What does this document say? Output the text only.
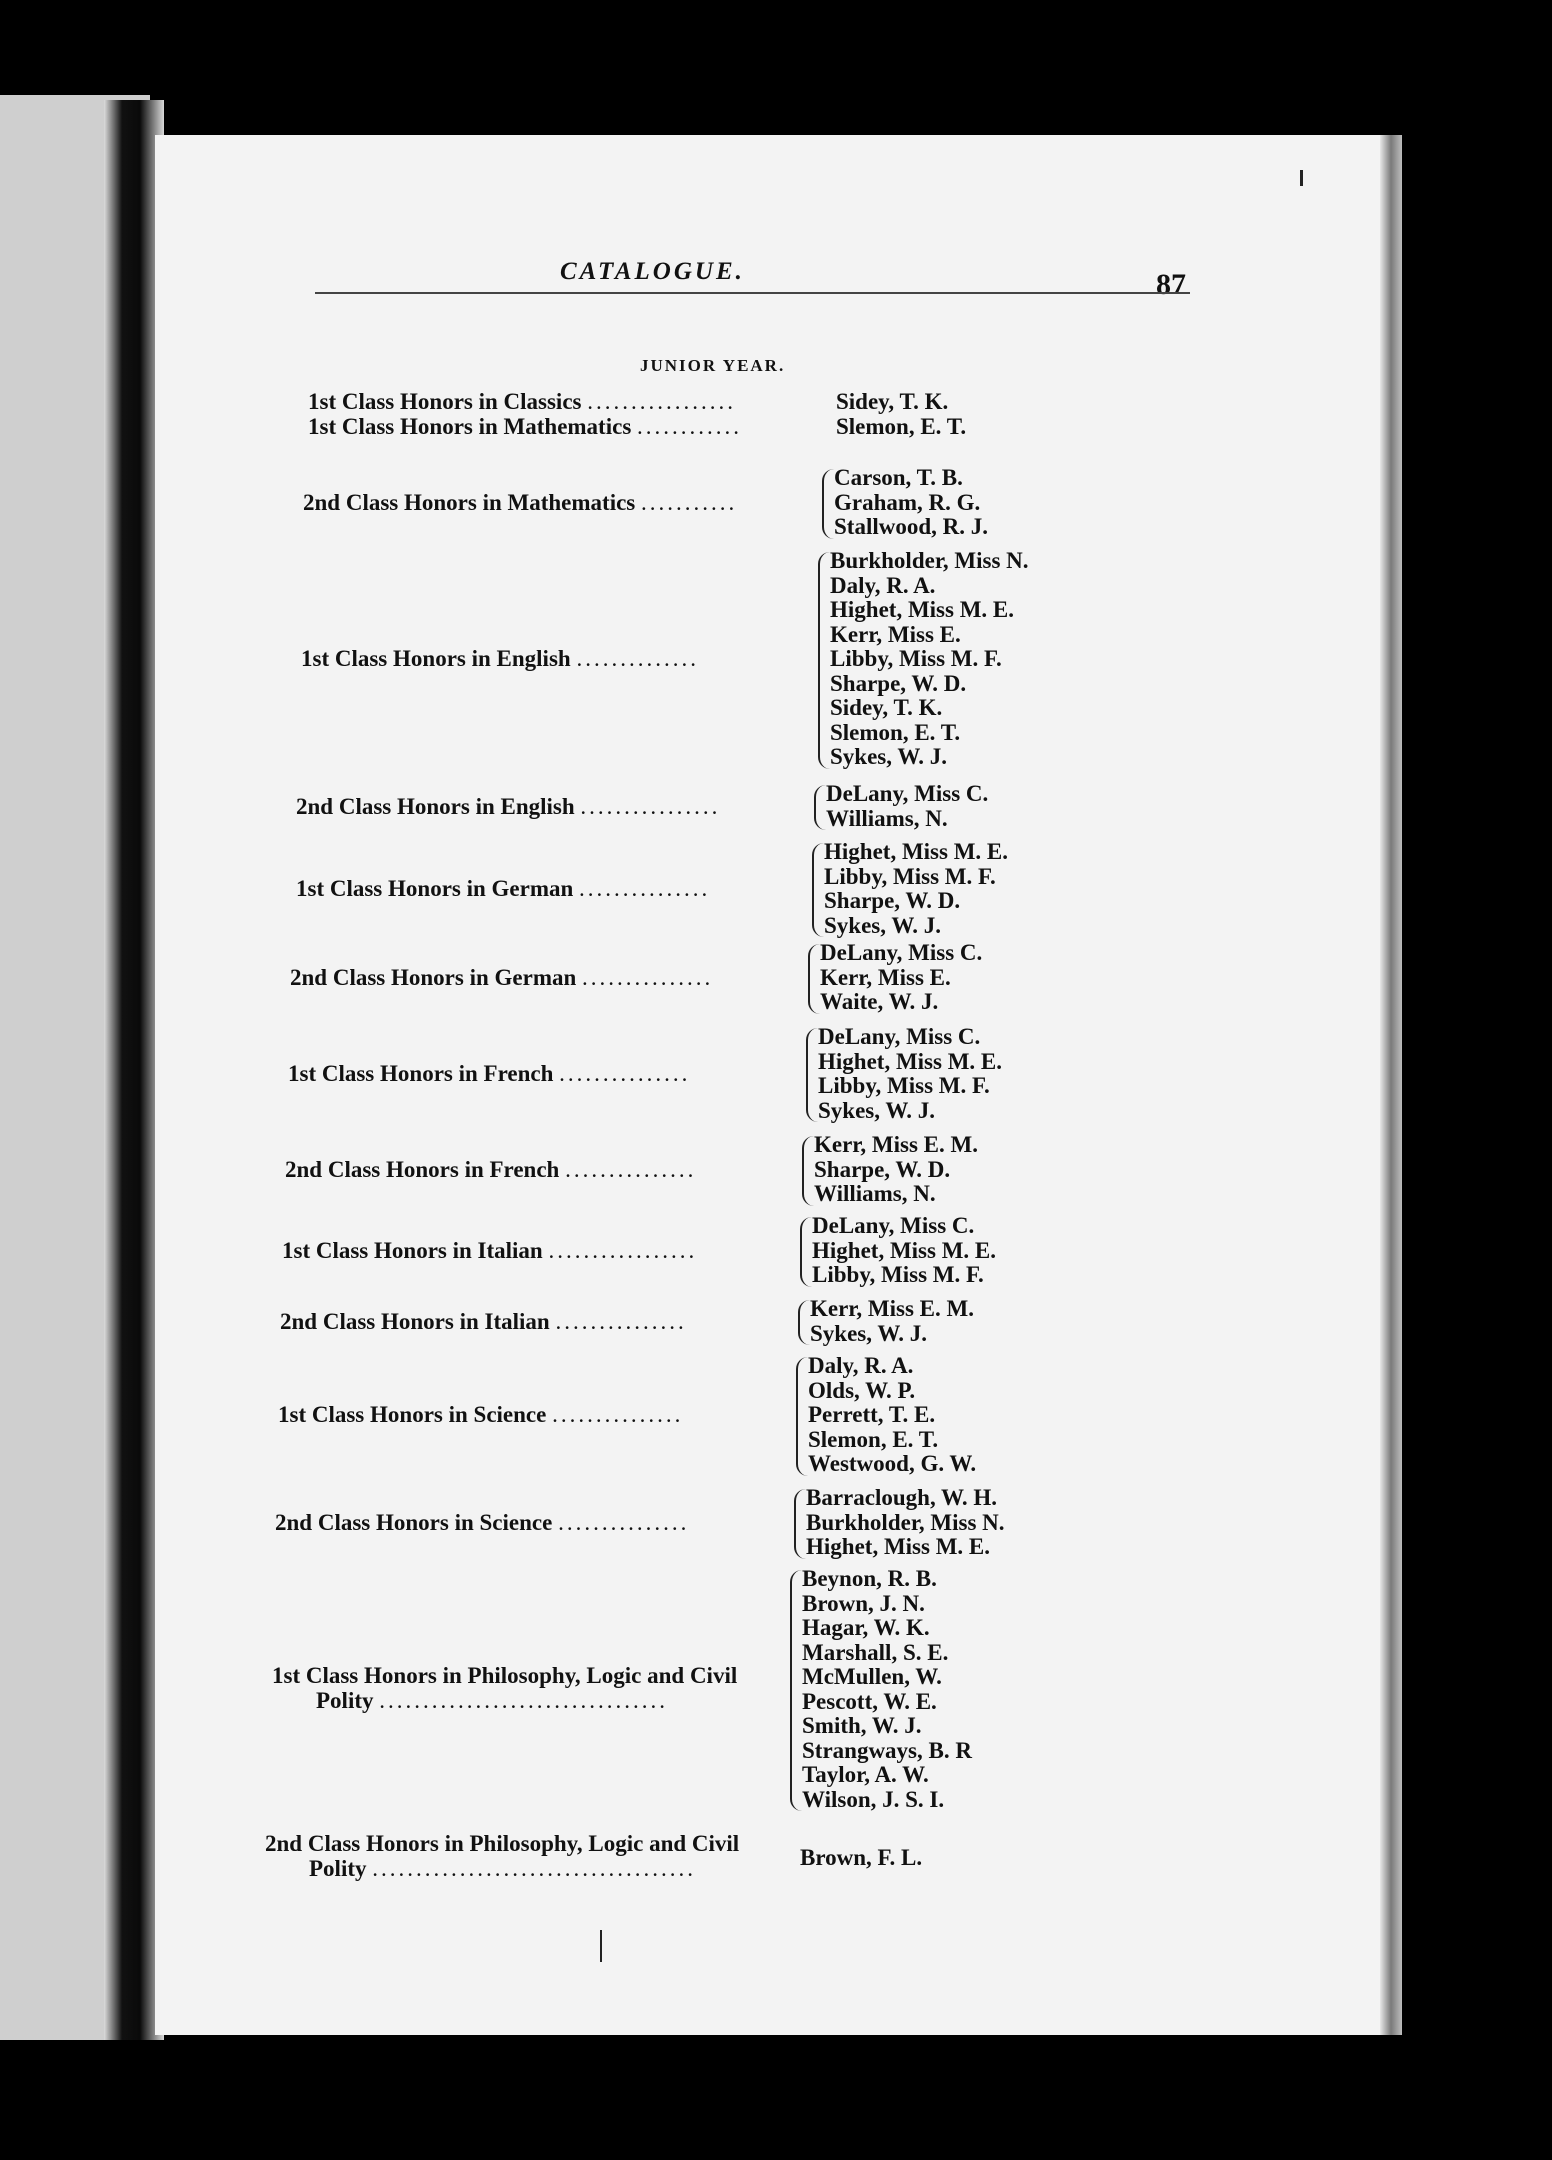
CATALOGUE.	87
JUNIOR YEAR.
Sidey, T. K.
1st Class Honors in Classics .................
Slemon, E. T.
1st Class Honors in Mathematics ............
Carson, T. B.
Graham, R. G.
Stallwood, R. J.
2nd Class Honors in Mathematics ...........
Burkholder, Miss N.
Daly, R. A.
Highet, Miss M. E.
Kerr, Miss E.
Libby, Miss M. F.
Sharpe, W. D.
Sidey, T. K.
Slemon, E. T.
Sykes, W. J.
1st Class Honors in English ..............
DeLany, Miss C.
Williams, N.
2nd Class Honors in English ................
Highet, Miss M. E.
Libby, Miss M. F.
Sharpe, W. D.
Sykes, W. J.
1st Class Honors in German ...............
DeLany, Miss C.
Kerr, Miss E.
Waite, W. J.
2nd Class Honors in German ...............
DeLany, Miss C.
Highet, Miss M. E.
Libby, Miss M. F.
Sykes, W. J.
1st Class Honors in French ...............
Kerr, Miss E. M.
Sharpe, W. D.
Williams, N.
2nd Class Honors in French ...............
DeLany, Miss C.
Highet, Miss M. E.
Libby, Miss M. F.
1st Class Honors in Italian .................
Kerr, Miss E. M.
Sykes, W. J.
2nd Class Honors in Italian ...............
Daly, R. A.
Olds, W. P.
Perrett, T. E.
Slemon, E. T.
Westwood, G. W.
1st Class Honors in Science ...............
Barraclough, W. H.
Burkholder, Miss N.
Highet, Miss M. E.
2nd Class Honors in Science ...............
Beynon, R. B.
Brown, J. N.
Hagar, W. K.
Marshall, S. E.
McMullen, W.
Pescott, W. E.
Smith, W. J.
Strangways, B. R
Taylor, A. W.
Wilson, J. S. I.
1st Class Honors in Philosophy, Logic and Civil
Polity .................................
Brown, F. L.
2nd Class Honors in Philosophy, Logic and Civil
Polity .....................................
